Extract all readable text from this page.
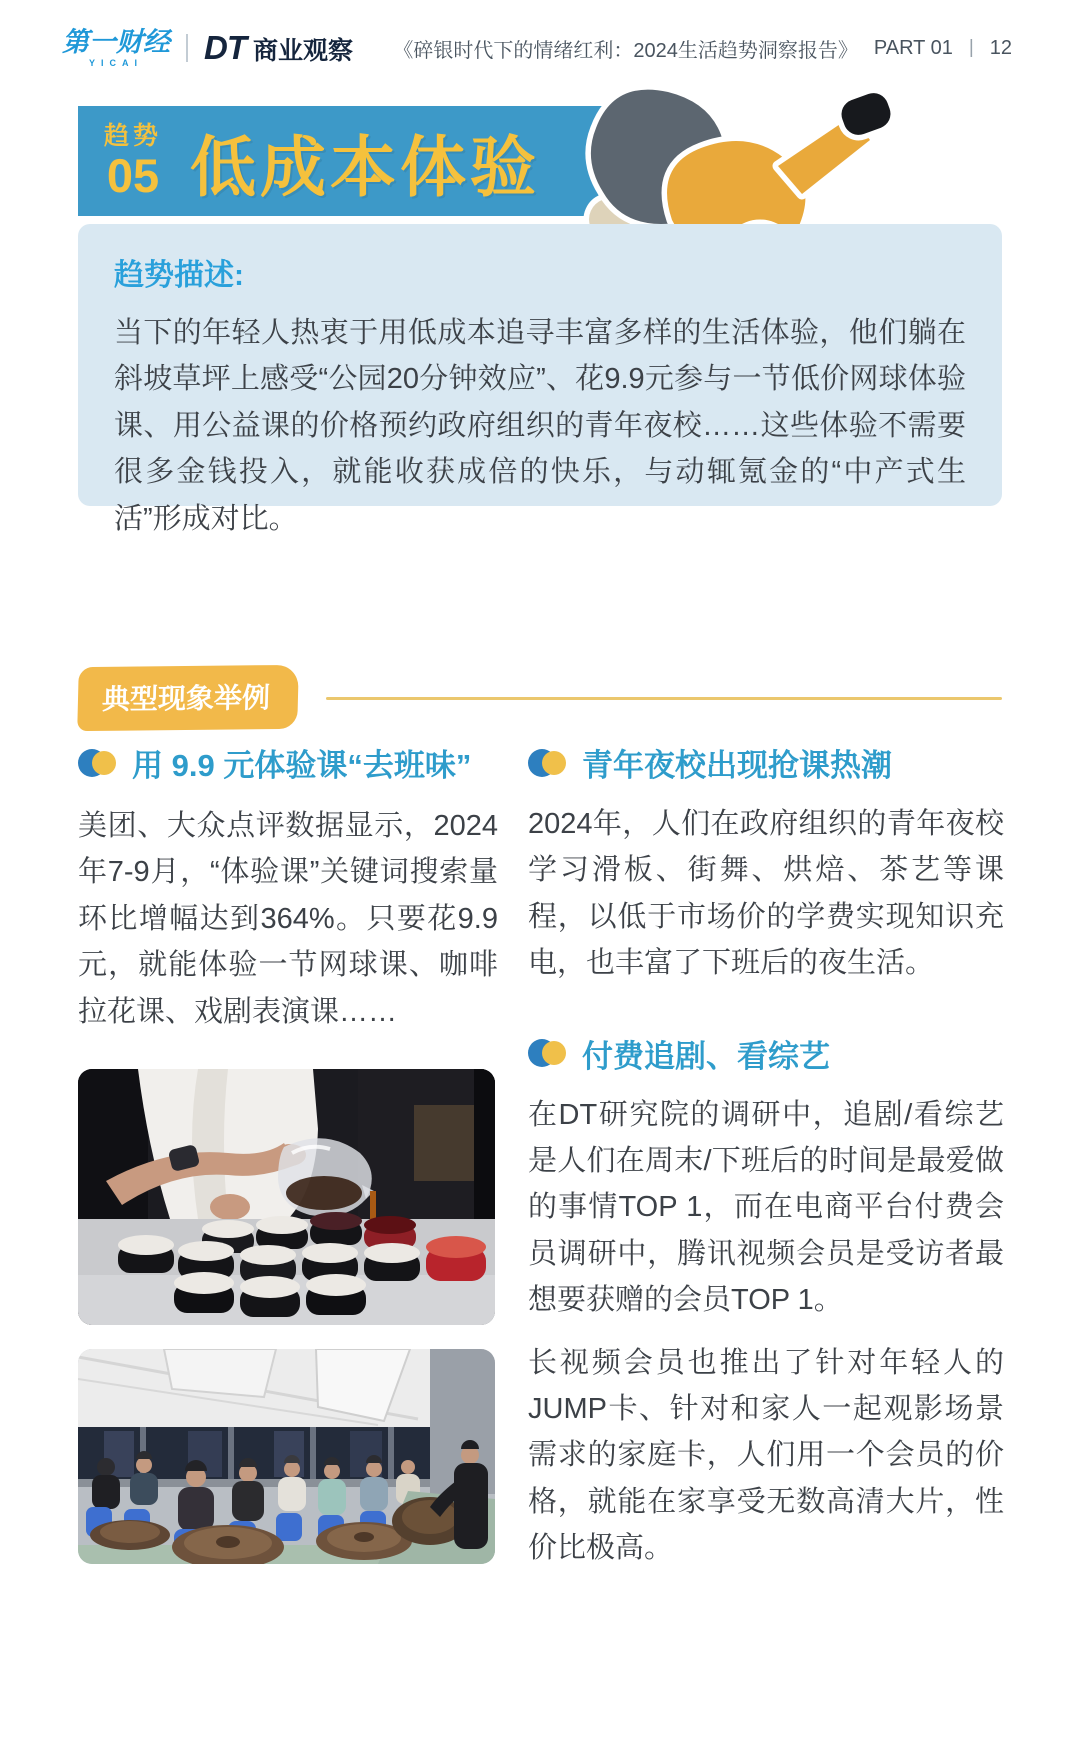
第一财经
YICAI	DT 商业观察 《碎银时代下的情绪红利：2024生活趋势洞察报告》 PART 01 | 12
趋势
05 低成本体验
趋势描述:

当下的年轻人热衷于用低成本追寻丰富多样的生活体验，他们躺在斜坡草坪上感受“公园20分钟效应”、花9.9元参与一节低价网球体验课、用公益课的价格预约政府组织的青年夜校……这些体验不需要很多金钱投入，就能收获成倍的快乐，与动辄氪金的“中产式生活”形成对比。

典型现象举例
用 9.9 元体验课“去班味”

美团、大众点评数据显示，2024年7-9月，“体验课”关键词搜索量环比增幅达到364%。只要花9.9元，就能体验一节网球课、咖啡拉花课、戏剧表演课……

青年夜校出现抢课热潮

2024年，人们在政府组织的青年夜校学习滑板、街舞、烘焙、茶艺等课程，以低于市场价的学费实现知识充电，也丰富了下班后的夜生活。

付费追剧、看综艺

在DT研究院的调研中，追剧/看综艺是人们在周末/下班后的时间是最爱做的事情TOP 1，而在电商平台付费会员调研中，腾讯视频会员是受访者最想要获赠的会员TOP 1。

长视频会员也推出了针对年轻人的JUMP卡、针对和家人一起观影场景需求的家庭卡，人们用一个会员的价格，就能在家享受无数高清大片，性价比极高。
